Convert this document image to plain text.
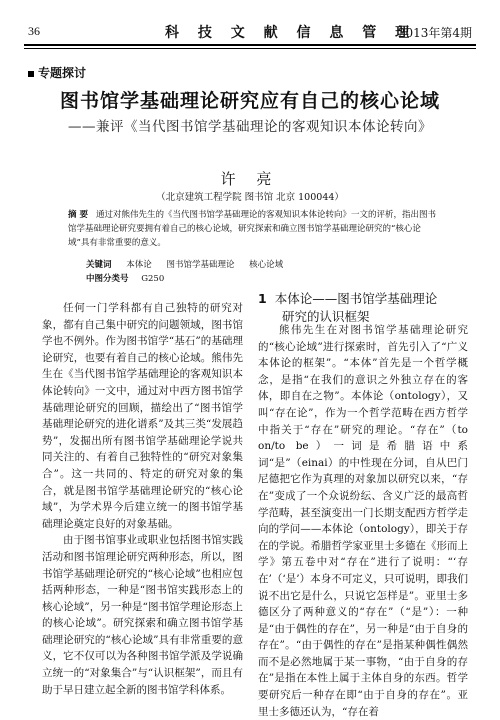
36	科 技 文 献 信 息 管 理
2013年第4期
专题探讨
图书馆学基础理论研究应有自己的核心论域
——兼评《当代图书馆学基础理论的客观知识本体论转向》
许 亮
（北京建筑工程学院 图书馆 北京 100044）

摘 要 通过对熊伟先生的《当代图书馆学基础理论的客观知识本体论转向》一文的评析，指出图书馆学基础理论研究要拥有着自己的核心论域，研究探索和确立图书馆学基础理论研究的“核心论域”具有非常重要的意义。

关键词 本体论 图书馆学基础理论 核心论域
中图分类号 G250

任何一门学科都有自己独特的研究对象，都有自己集中研究的问题领域，图书馆学也不例外。作为图书馆学“基石”的基础理论研究，也要有着自己的核心论域。熊伟先生在《当代图书馆学基础理论的客观知识本体论转向》一文中，通过对中西方图书馆学基础理论研究的回顾，描绘出了“图书馆学基础理论研究的进化谱系”及其三类“发展趋势”，发掘出所有图书馆学基础理论学说共同关注的、有着自己独特性的“研究对象集合”。这一共同的、特定的研究对象的集合，就是图书馆学基础理论研究的“核心论域”，为学术界今后建立统一的图书馆学基础理论奠定良好的对象基础。

由于图书馆事业或职业包括图书馆实践活动和图书馆理论研究两种形态，所以，图书馆学基础理论研究的“核心论域”也相应包括两种形态，一种是“图书馆实践形态上的核心论域”，另一种是“图书馆学理论形态上的核心论域”。研究探索和确立图书馆学基础理论研究的“核心论域”具有非常重要的意义，它不仅可以为各种图书馆学派及学说确立统一的“对象集合”与“认识框架”，而且有助于早日建立起全新的图书馆学科体系。

1 本体论——图书馆学基础理论
研究的认识框架

熊伟先生在对图书馆学基础理论研究的“核心论域”进行探索时，首先引入了“广义本体论的框架”。“本体”首先是一个哲学概念，是指“在我们的意识之外独立存在的客体，即自在之物”。本体论（ontology），又叫“存在论”，作为一个哲学范畴在西方哲学中指关于“存在”研究的理论。“存在”（to on/to be）一词是希腊语中系词“是”（einai）的中性现在分词，自从巴门尼德把它作为真理的对象加以研究以来，“存在”变成了一个众说纷纭、含义广泛的最高哲学范畴，甚至演变出一门长期支配西方哲学走向的学问——本体论（ontology），即关于存在的学说。希腊哲学家亚里士多德在《形而上学》第五卷中对“存在”进行了说明：“‘存在’（‘是’）本身不可定义，只可说明，即我们说不出它是什么，只说它怎样是”。亚里士多德区分了两种意义的“存在”（“是”）：一种是“由于偶性的存在”，另一种是“由于自身的存在”。“由于偶性的存在”是指某种偶性偶然而不是必然地属于某一事物，“由于自身的存在”是指在本性上属于主体自身的东西。哲学要研究后一种存在即“由于自身的存在”。亚里士多德还认为，“存在着
